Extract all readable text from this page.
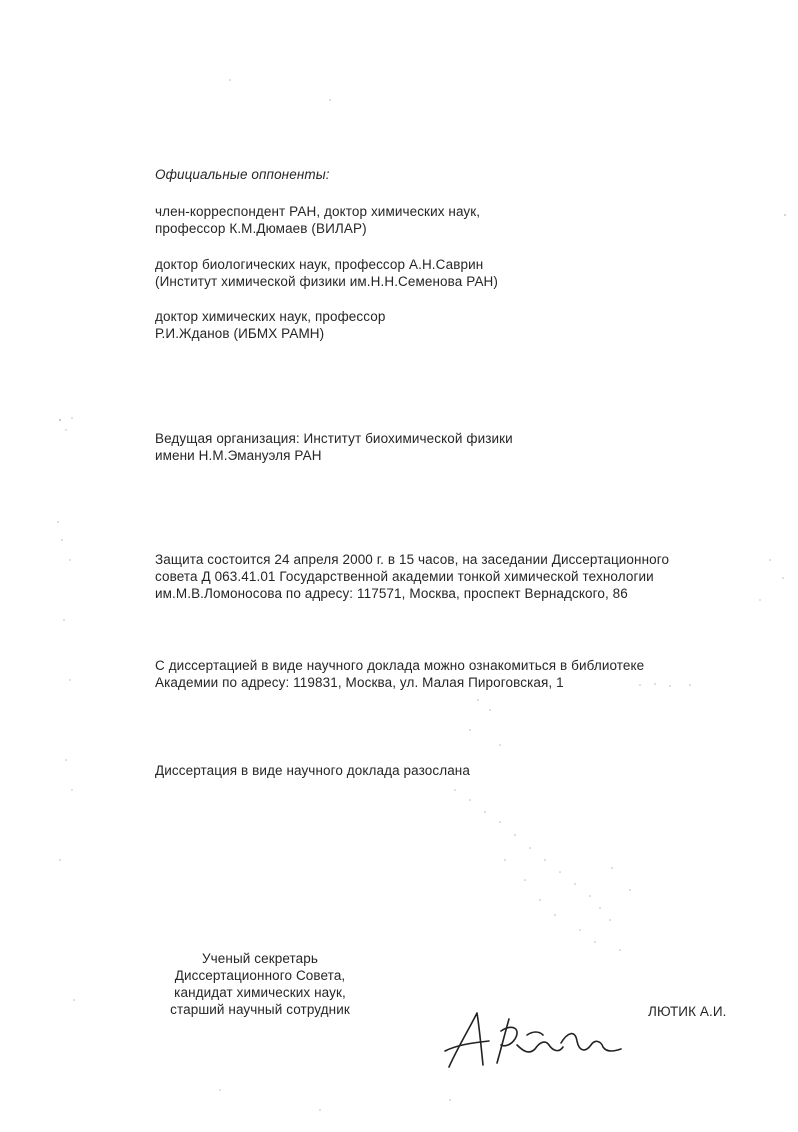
Официальные оппоненты:
член-корреспондент РАН, доктор химических наук,
профессор К.М.Дюмаев (ВИЛАР)
доктор биологических наук, профессор А.Н.Саврин
(Институт химической физики им.Н.Н.Семенова РАН)
доктор химических наук, профессор
Р.И.Жданов (ИБМХ РАМН)
Ведущая организация: Институт биохимической физики
имени Н.М.Эмануэля РАН
Защита состоится 24 апреля 2000 г. в 15 часов, на заседании Диссертационного
совета Д 063.41.01 Государственной академии тонкой химической технологии
им.М.В.Ломоносова по адресу: 117571, Москва, проспект Вернадского, 86
С диссертацией в виде научного доклада можно ознакомиться в библиотеке
Академии по адресу: 119831, Москва, ул. Малая Пироговская, 1
Диссертация в виде научного доклада разослана
Ученый секретарь
Диссертационного Совета,
кандидат химических наук,
старший научный сотрудник	ЛЮТИК А.И.
